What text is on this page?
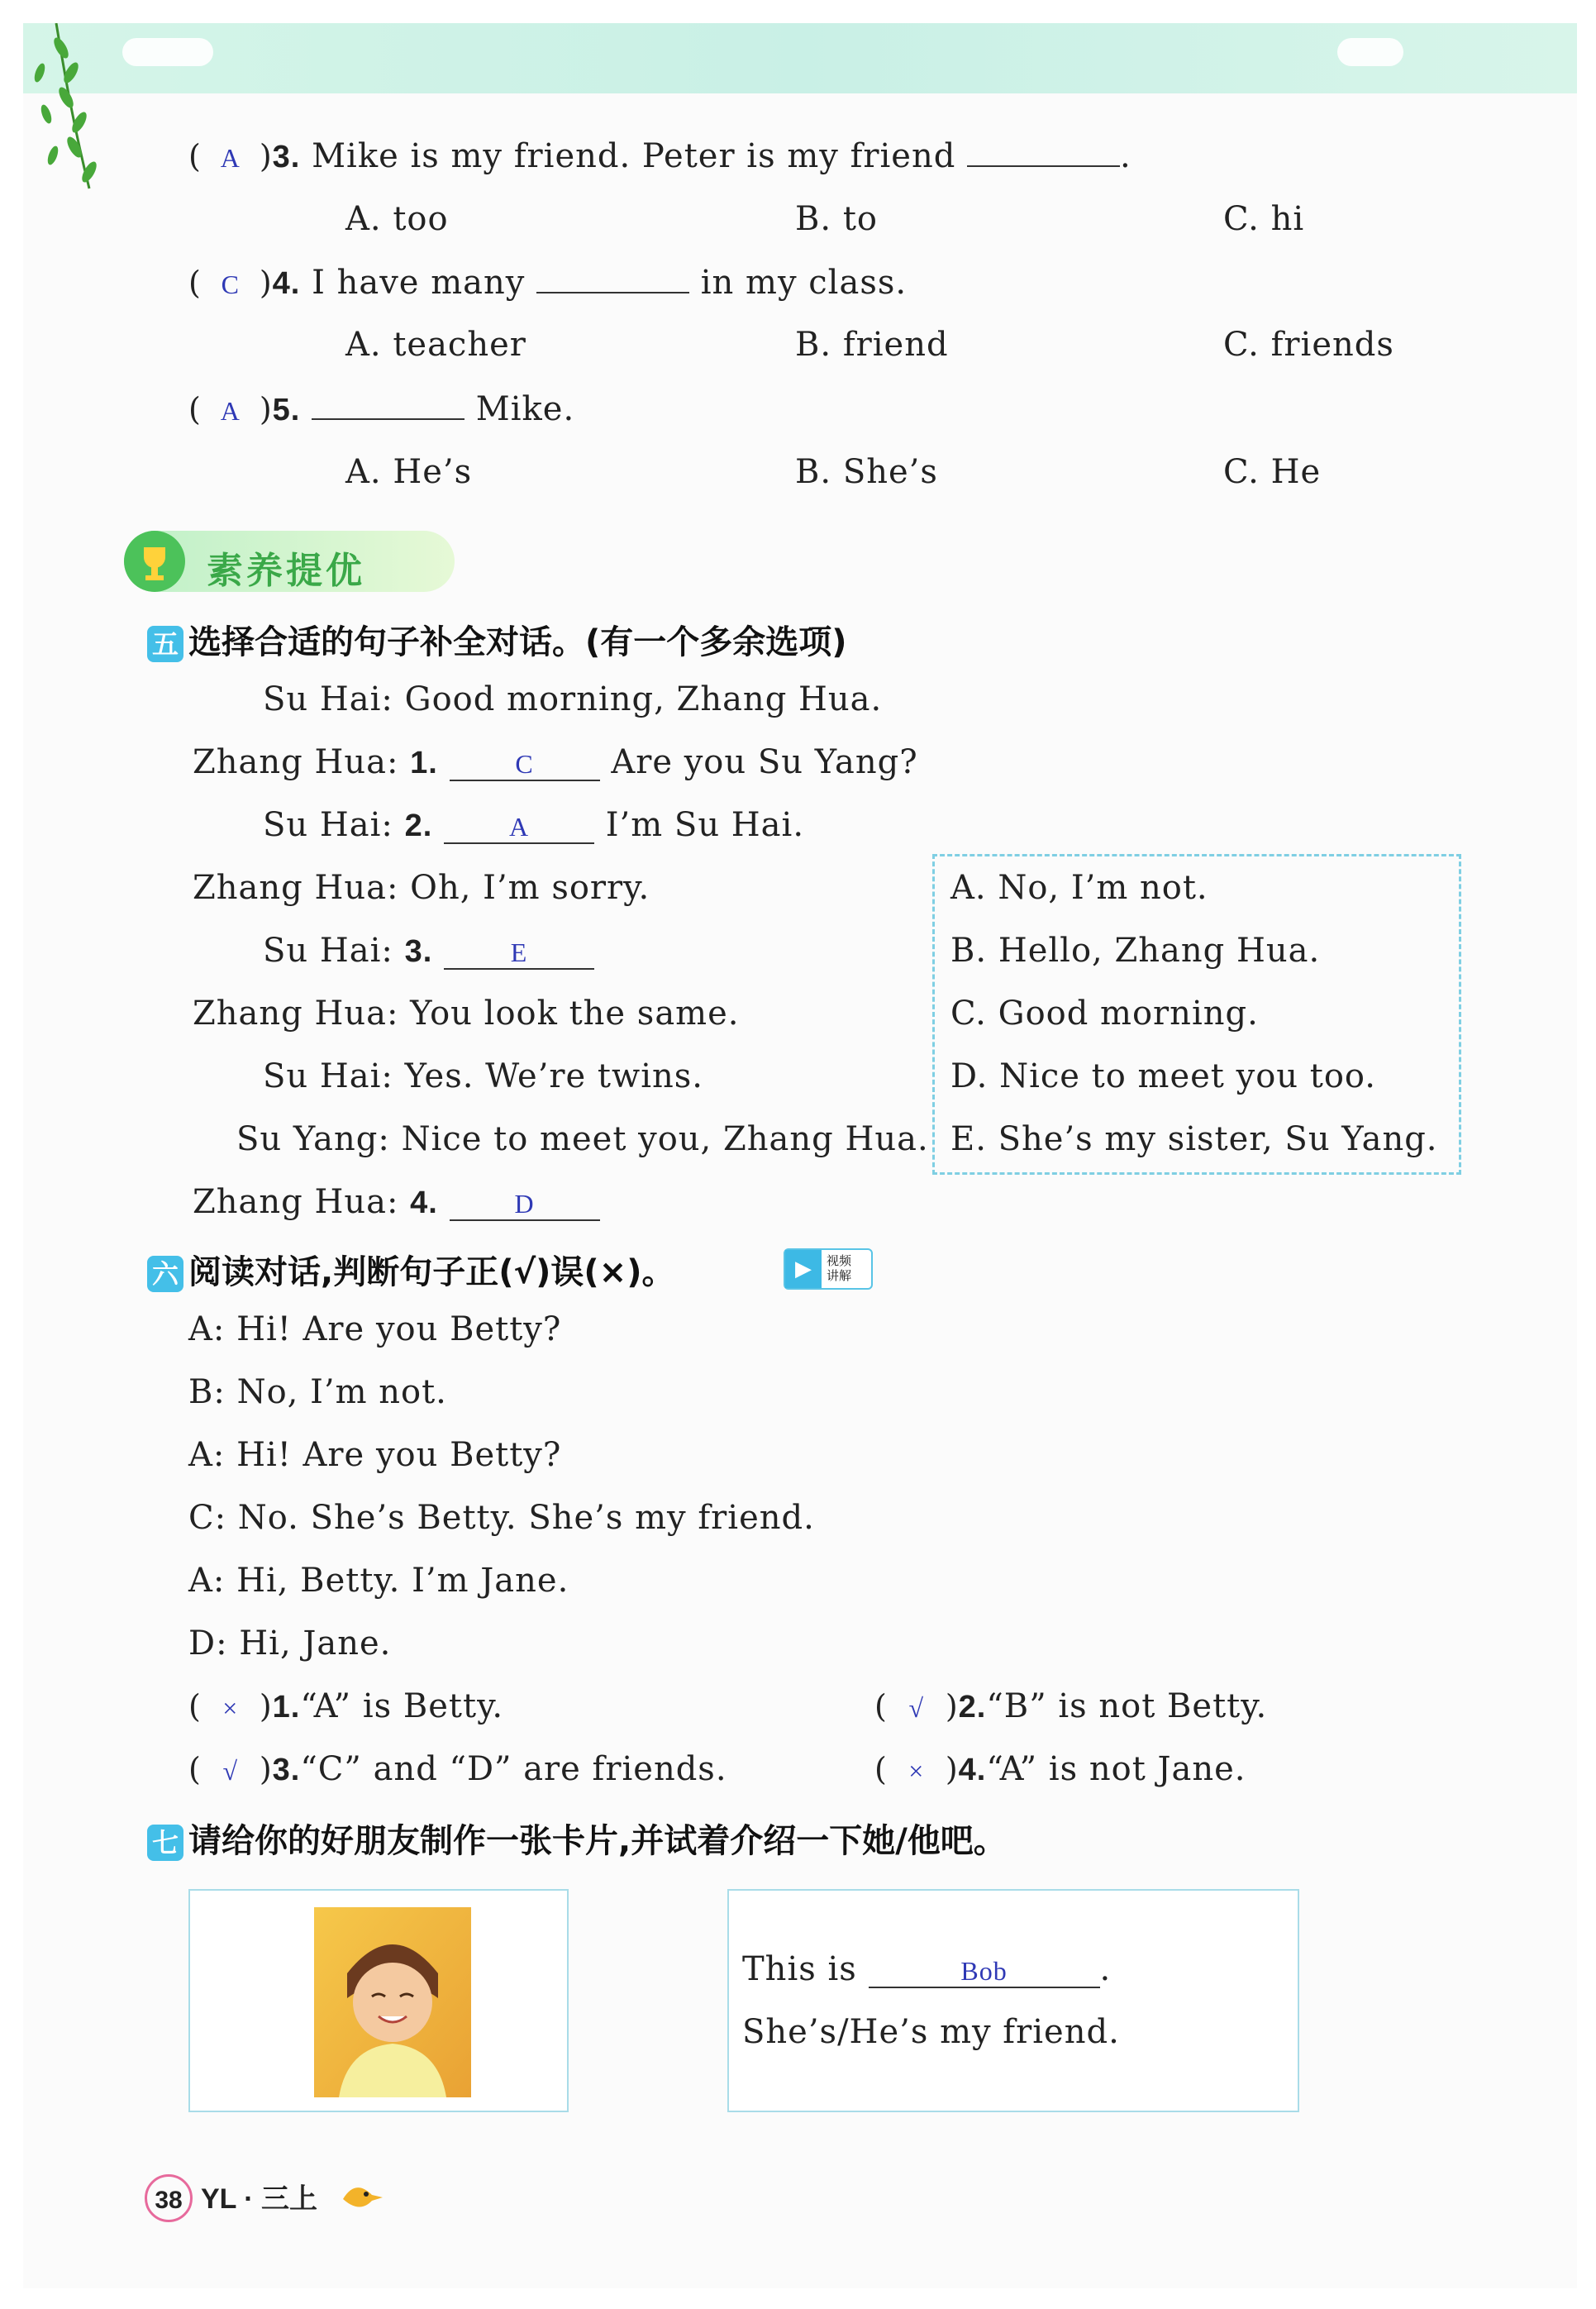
( A )3. Mike is my friend. Peter is my friend	.
A. too	B. to	C. hi
( C )4. I have many	in my class.
A. teacher	B. friend	C. friends
( A )5.	Mike.
A. He’s	B. She’s	C. He
素养提优
五 选择合适的句子补全对话。(有一个多余选项)
Su Hai: Good morning, Zhang Hua.
Zhang Hua: 1.	C Are you Su Yang?
Su Hai: 2.	A I’m Su Hai.
Zhang Hua: Oh, I’m sorry.
Su Hai: 3.	E
Zhang Hua: You look the same.
Su Hai: Yes. We’re twins.
Su Yang: Nice to meet you, Zhang Hua.
Zhang Hua: 4.	D
A. No, I’m not.
B. Hello, Zhang Hua.
C. Good morning.
D. Nice to meet you too.
E. She’s my sister, Su Yang.
六 阅读对话,判断句子正(√)误(×)。	▶	视频
讲解
A: Hi! Are you Betty?
B: No, I’m not.
A: Hi! Are you Betty?
C: No. She’s Betty. She’s my friend.
A: Hi, Betty. I’m Jane.
D: Hi, Jane.
( × )1.“A” is Betty.	( √ )2.“B” is not Betty.
( √ )3.“C” and “D” are friends.	( × )4.“A” is not Jane.
七 请给你的好朋友制作一张卡片,并试着介绍一下她/他吧。
This is	Bob	.
She’s/He’s my friend.
38 YL · 三上
